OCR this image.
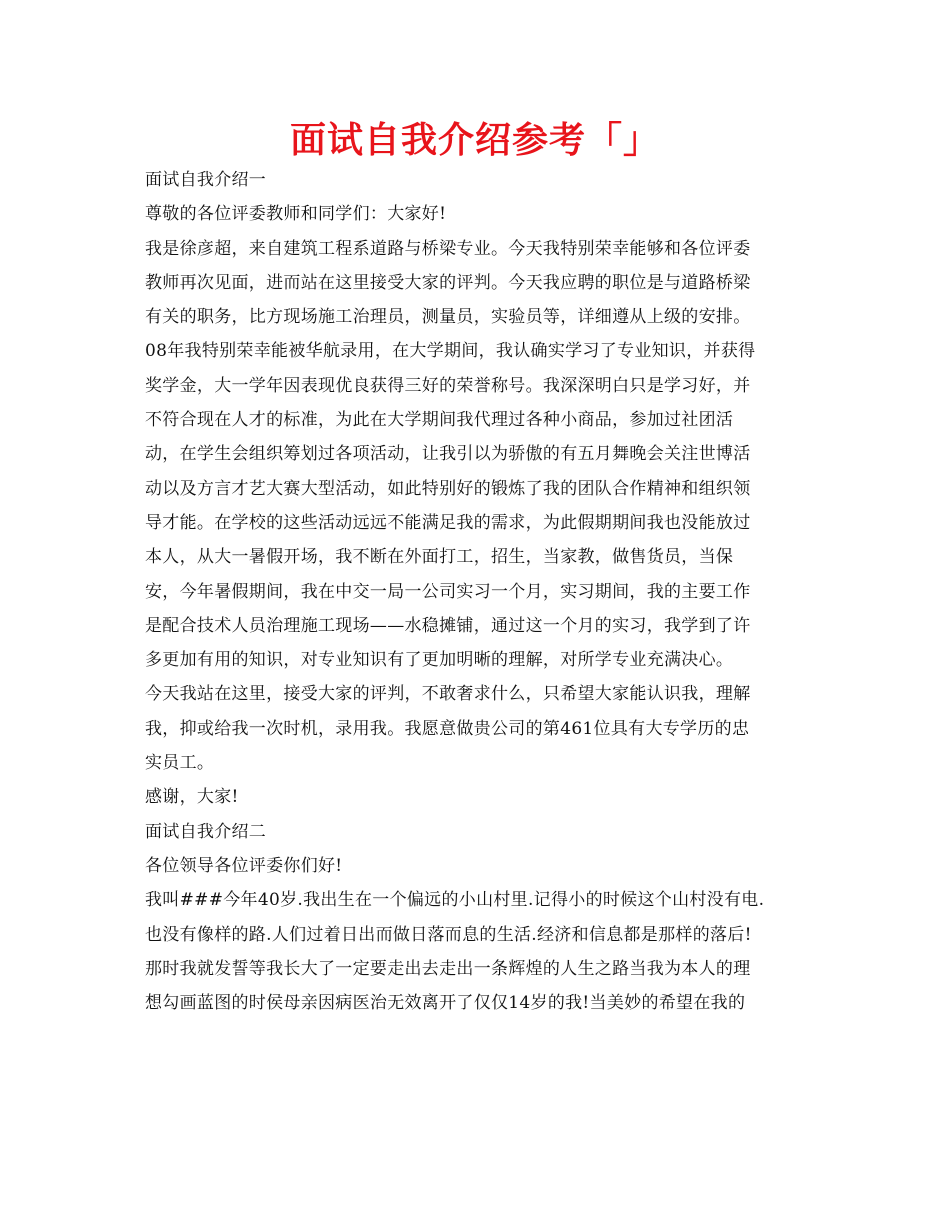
面试自我介绍参考「」
面试自我介绍一
尊敬的各位评委教师和同学们：大家好!
我是徐彦超，来自建筑工程系道路与桥梁专业。今天我特别荣幸能够和各位评委
教师再次见面，进而站在这里接受大家的评判。今天我应聘的职位是与道路桥梁
有关的职务，比方现场施工治理员，测量员，实验员等，详细遵从上级的安排。
08年我特别荣幸能被华航录用，在大学期间，我认确实学习了专业知识，并获得
奖学金，大一学年因表现优良获得三好的荣誉称号。我深深明白只是学习好，并
不符合现在人才的标准，为此在大学期间我代理过各种小商品，参加过社团活
动，在学生会组织筹划过各项活动，让我引以为骄傲的有五月舞晚会关注世博活
动以及方言才艺大赛大型活动，如此特别好的锻炼了我的团队合作精神和组织领
导才能。在学校的这些活动远远不能满足我的需求，为此假期期间我也没能放过
本人，从大一暑假开场，我不断在外面打工，招生，当家教，做售货员，当保
安，今年暑假期间，我在中交一局一公司实习一个月，实习期间，我的主要工作
是配合技术人员治理施工现场——水稳摊铺，通过这一个月的实习，我学到了许
多更加有用的知识，对专业知识有了更加明晰的理解，对所学专业充满决心。
今天我站在这里，接受大家的评判，不敢奢求什么，只希望大家能认识我，理解
我，抑或给我一次时机，录用我。我愿意做贵公司的第461位具有大专学历的忠
实员工。
感谢，大家!
面试自我介绍二
各位领导各位评委你们好!
我叫###今年40岁.我出生在一个偏远的小山村里.记得小的时候这个山村没有电.
也没有像样的路.人们过着日出而做日落而息的生活.经济和信息都是那样的落后!
那时我就发誓等我长大了一定要走出去走出一条辉煌的人生之路当我为本人的理
想勾画蓝图的时侯母亲因病医治无效离开了仅仅14岁的我!当美妙的希望在我的
